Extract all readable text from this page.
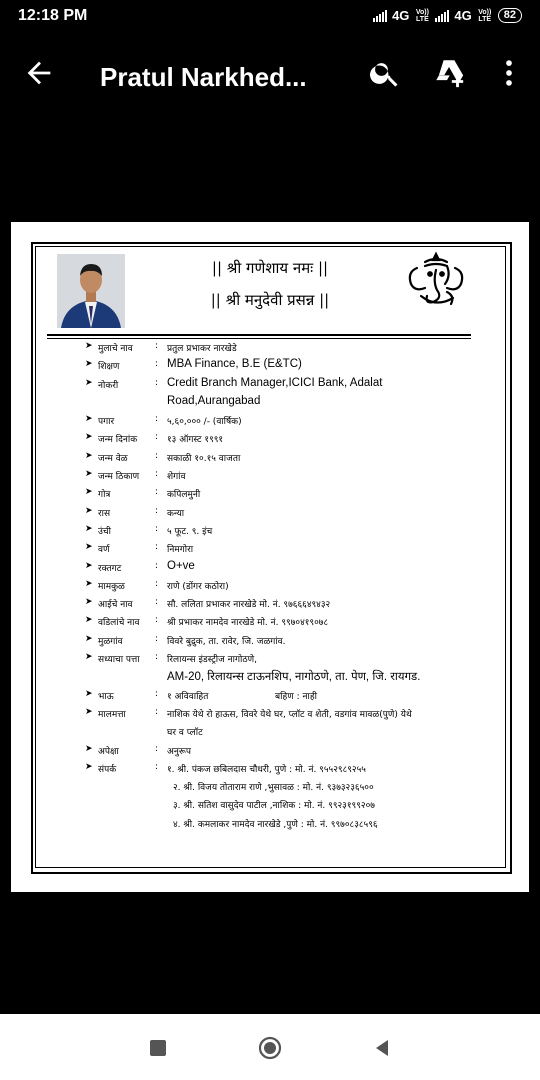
12:18 PM	4G Vo)) LTE 4G Vo)) LTE	82
Pratul Narkhed...
|| श्री गणेशाय नमः ||
|| श्री मनुदेवी प्रसन्न ||
➤ मुलाचे नाव : प्रतुल प्रभाकर नारखेडे
➤ शिक्षण	: MBA Finance, B.E (E&TC)
➤ नोकरी	: Credit Branch Manager,ICICI Bank, Adalat
Road,Aurangabad
➤ पगार	: ५,६०,००० /- (वार्षिक)
➤ जन्म दिनांक : १३ ऑगस्ट १९९१
➤ जन्म वेळ	: सकाळी १०.१५ वाजता
➤ जन्म ठिकाण : शेगांव
➤ गोत्र	: कपिलमुनी
➤ रास	: कन्या
➤ उंची	: ५ फूट. ९. इंच
➤ वर्ण	: निमगोरा
➤ रक्तगट	: O+ve
➤ मामकुळ	: राणे (डोंगर कठोरा)
➤ आईचे नाव : सौ. ललिता प्रभाकर नारखेडे मो. नं. ९७६६६४९४३२
➤ वडिलांचे नाव : श्री प्रभाकर नामदेव नारखेडे मो. नं. ९९७०४१९०७८
➤ मुळगांव	: विवरे बुद्रुक, ता. रावेर, जि. जळगांव.
➤ सध्याचा पत्ता : रिलायन्स इंडस्ट्रीज नागोठणे,
AM-20, रिलायन्स टाऊनशिप, नागोठणे, ता. पेण, जि. रायगड.
➤ भाऊ	: १ अविवाहित	बहिण : नाही
➤ मालमत्ता	: नाशिक येथे रो हाऊस, विवरे येथे घर, प्लॉट व शेती, वडगांव मावळ(पुणे) येथे
घर व प्लॉट
➤ अपेक्षा	: अनुरूप
➤ संपर्क	: १. श्री. पंकज छबिलदास चौधरी, पुणे : मो. नं. ९५५२९८९२५५
२. श्री. विजय तोताराम राणे ,भुसावळ : मो. नं. ९३७३२३६५००
३. श्री. सतिश वासुदेव पाटील ,नाशिक : मो. नं. ९९२३१९९२०७
४. श्री. कमलाकर नामदेव नारखेडे ,पुणे : मो. नं. ९९७०८३८५९६
